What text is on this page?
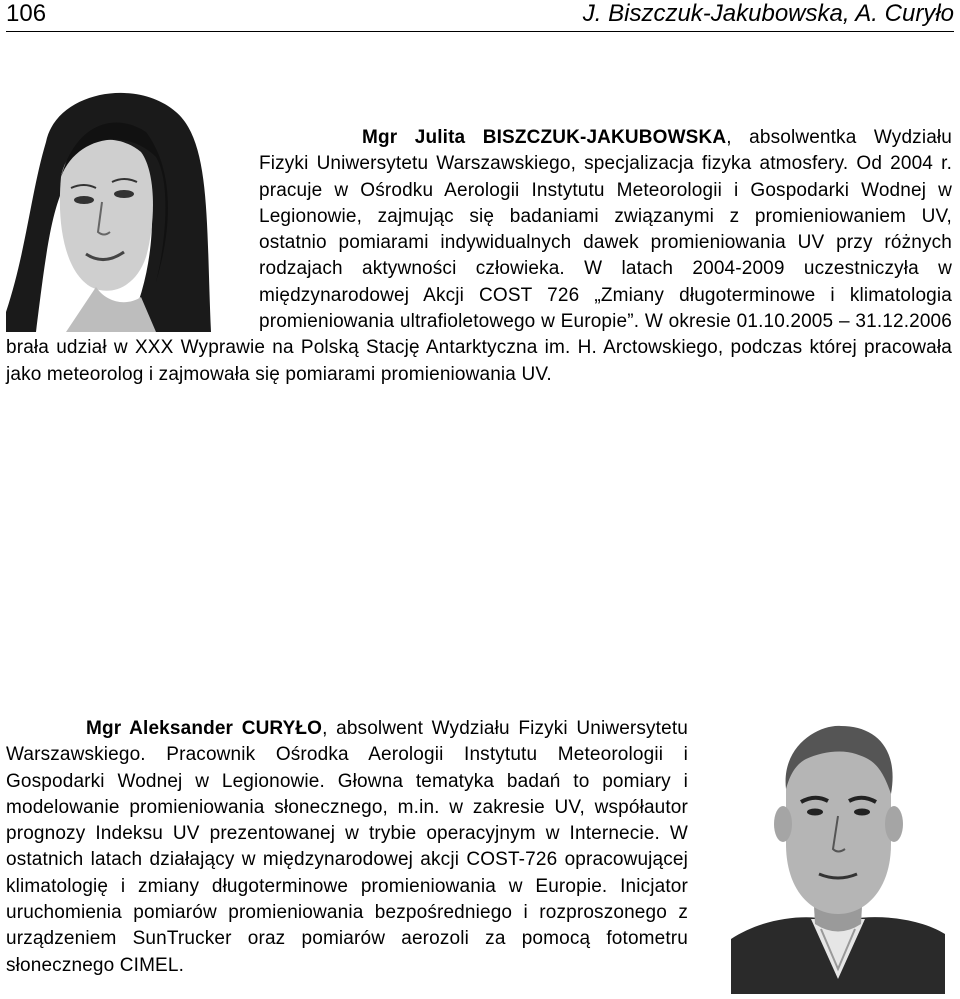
106	J. Biszczuk-Jakubowska, A. Curyło
Mgr Julita BISZCZUK-JAKUBOWSKA, absolwentka Wydziału Fizyki Uniwersytetu Warszawskiego, specjalizacja fizyka atmosfery. Od 2004 r. pracuje w Ośrodku Aerologii Instytutu Meteorologii i Gospodarki Wodnej w Legionowie, zajmując się badaniami związanymi z promieniowaniem UV, ostatnio pomiarami indywidualnych dawek promieniowania UV przy różnych rodzajach aktywności człowieka. W latach 2004-2009 uczestniczyła w międzynarodowej Akcji COST 726 „Zmiany długoterminowe i klimatologia promieniowania ultrafioletowego w Europie”. W okresie 01.10.2005 – 31.12.2006 brała udział w XXX Wyprawie na Polską Stację Antarktyczna im. H. Arctowskiego, podczas której pracowała jako meteorolog i zajmowała się pomiarami promieniowania UV.
Mgr Aleksander CURYŁO, absolwent Wydziału Fizyki Uniwersytetu Warszawskiego. Pracownik Ośrodka Aerologii Instytutu Meteorologii i Gospodarki Wodnej w Legionowie. Głowna tematyka badań to pomiary i modelowanie promieniowania słonecznego, m.in. w zakresie UV, współautor prognozy Indeksu UV prezentowanej w trybie operacyjnym w Internecie. W ostatnich latach działający w międzynarodowej akcji COST-726 opracowującej klimatologię i zmiany długoterminowe promieniowania w Europie. Inicjator uruchomienia pomiarów promieniowania bezpośredniego i rozproszonego z urządzeniem SunTrucker oraz pomiarów aerozoli za pomocą fotometru słonecznego CIMEL.
